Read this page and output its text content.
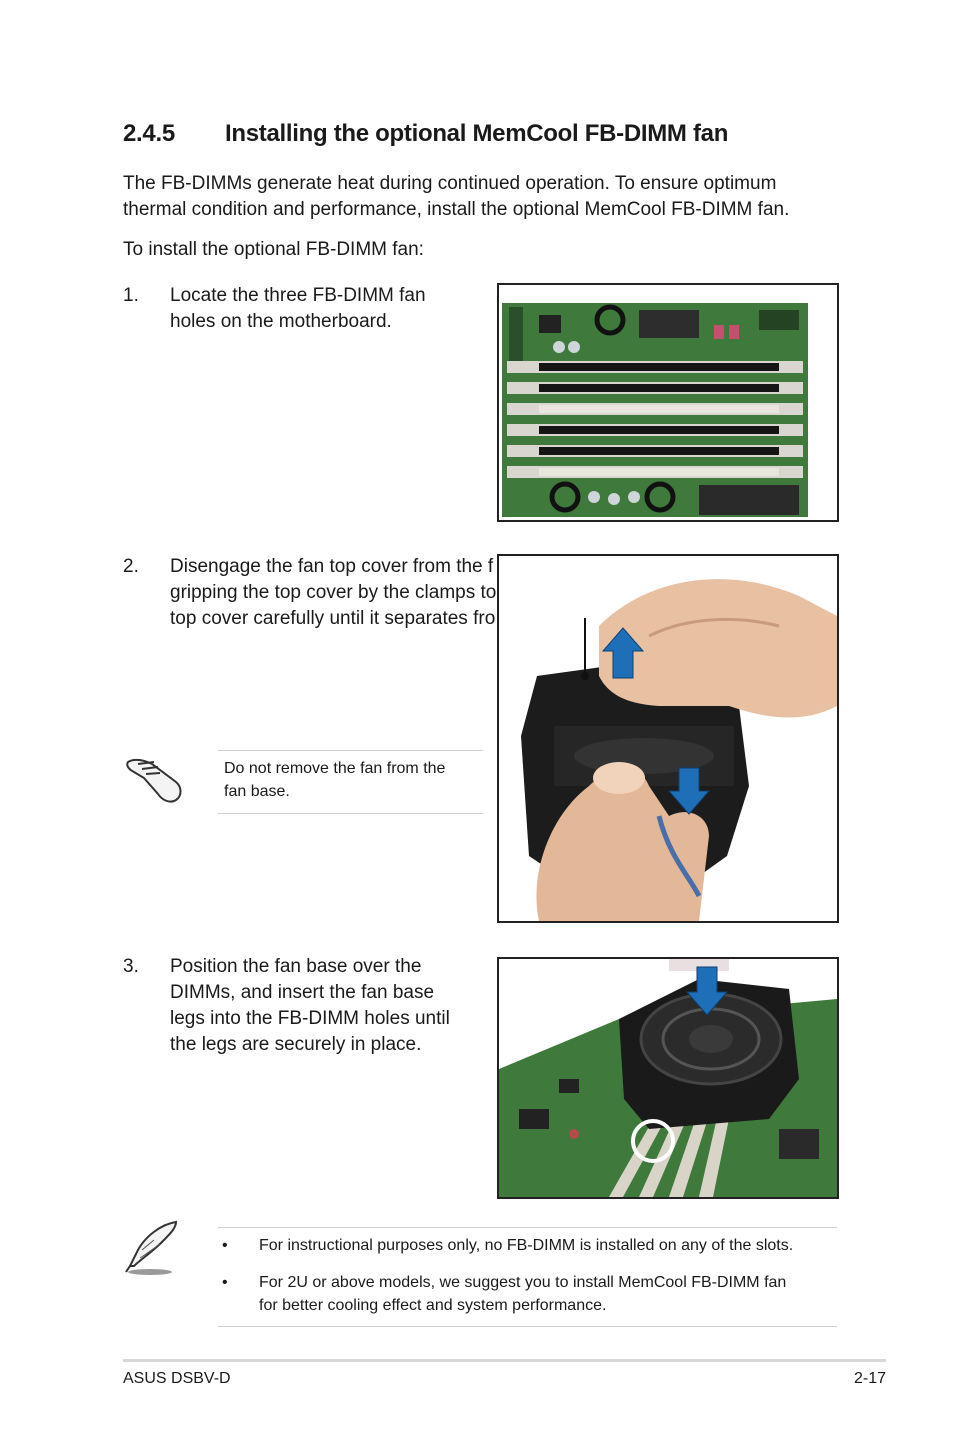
2.4.5 Installing the optional MemCool FB-DIMM fan
The FB-DIMMs generate heat during continued operation. To ensure optimum
thermal condition and performance, install the optional MemCool FB-DIMM fan.
To install the optional FB-DIMM fan:
1. Locate the three FB-DIMM fan
holes on the motherboard.
2. Disengage the fan top cover from the f
gripping the top cover by the clamps to
top cover carefully until it separates fro
Do not remove the fan from the
fan base.
3. Position the fan base over the
DIMMs, and insert the fan base
legs into the FB-DIMM holes until
the legs are securely in place.
• For instructional purposes only, no FB-DIMM is installed on any of the slots.
• For 2U or above models, we suggest you to install MemCool FB-DIMM fan
for better cooling effect and system performance.
ASUS DSBV-D	2-17
